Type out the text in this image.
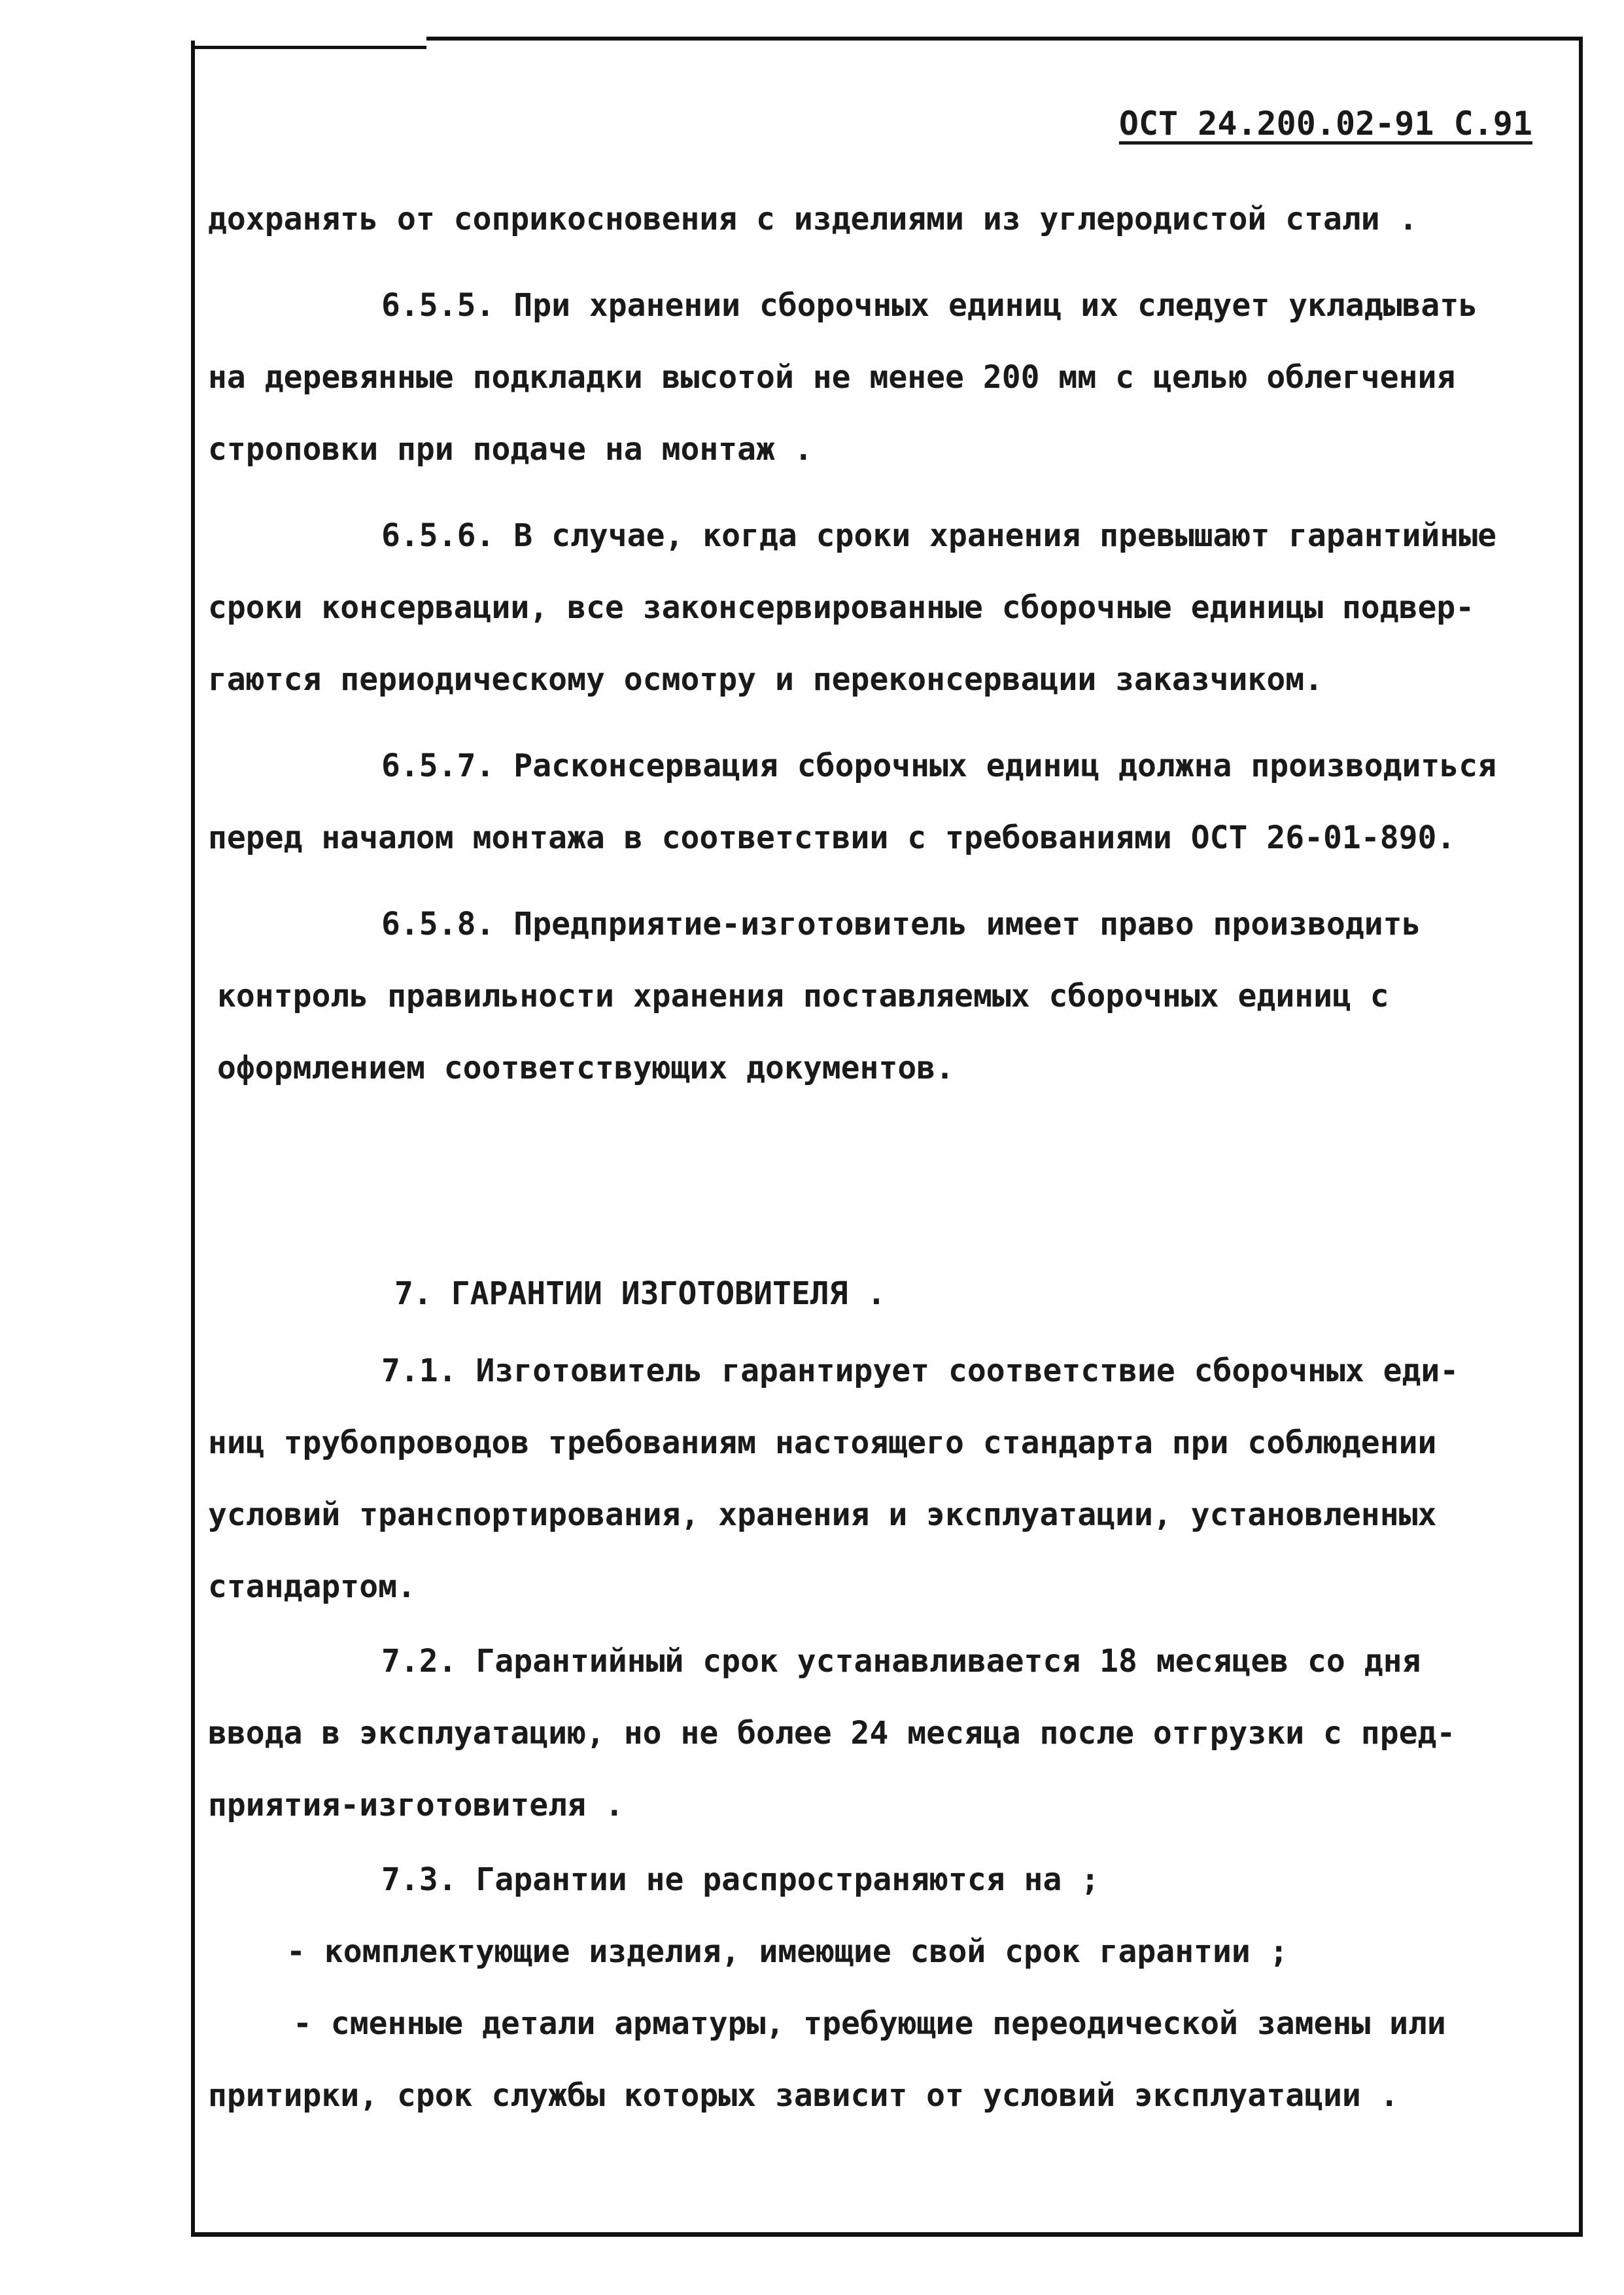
ОСТ 24.200.02-91 С.91
дохранять от соприкосновения с изделиями из углеродистой стали .
6.5.5. При хранении сборочных единиц их следует укладывать
на деревянные подкладки высотой не менее 200 мм с целью облегчения
строповки при подаче на монтаж .
6.5.6. В случае, когда сроки хранения превышают гарантийные
сроки консервации, все законсервированные сборочные единицы подвер-
гаются периодическому осмотру и переконсервации заказчиком.
6.5.7. Расконсервация сборочных единиц должна производиться
перед началом монтажа в соответствии с требованиями ОСТ 26-01-890.
6.5.8. Предприятие-изготовитель имеет право производить
контроль правильности хранения поставляемых сборочных единиц с
оформлением соответствующих документов.
7. ГАРАНТИИ ИЗГОТОВИТЕЛЯ .
7.1. Изготовитель гарантирует соответствие сборочных еди-
ниц трубопроводов требованиям настоящего стандарта при соблюдении
условий транспортирования, хранения и эксплуатации, установленных
стандартом.
7.2. Гарантийный срок устанавливается 18 месяцев со дня
ввода в эксплуатацию, но не более 24 месяца после отгрузки с пред-
приятия-изготовителя .
7.3. Гарантии не распространяются на ;
- комплектующие изделия, имеющие свой срок гарантии ;
- сменные детали арматуры, требующие переодической замены или
притирки, срок службы которых зависит от условий эксплуатации .
